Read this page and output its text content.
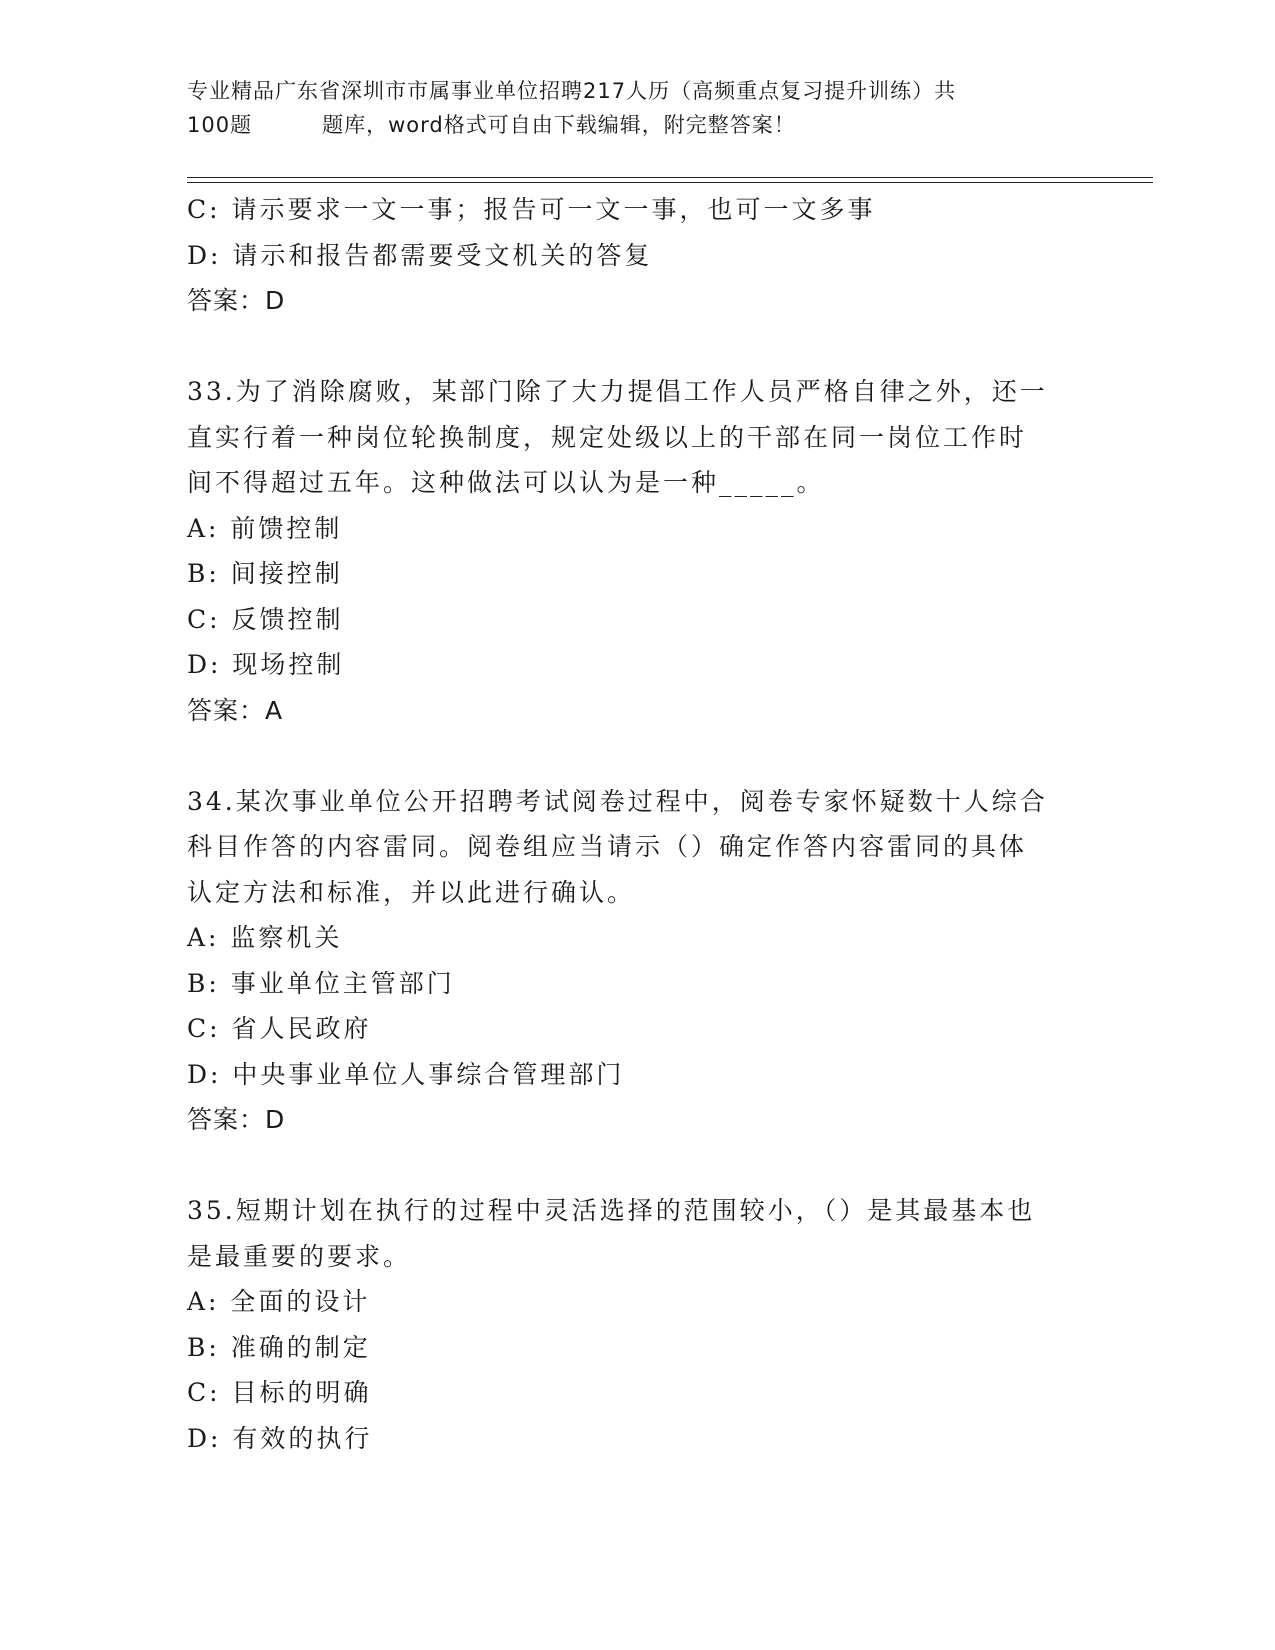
专业精品广东省深圳市市属事业单位招聘217人历（高频重点复习提升训练）共
100题	题库，word格式可自由下载编辑，附完整答案！
C: 请示要求一文一事；报告可一文一事，也可一文多事
D: 请示和报告都需要受文机关的答复
答案：D
33.为了消除腐败，某部门除了大力提倡工作人员严格自律之外，还一
直实行着一种岗位轮换制度，规定处级以上的干部在同一岗位工作时
间不得超过五年。这种做法可以认为是一种_____。
A: 前馈控制
B: 间接控制
C: 反馈控制
D: 现场控制
答案：A
34.某次事业单位公开招聘考试阅卷过程中，阅卷专家怀疑数十人综合
科目作答的内容雷同。阅卷组应当请示（）确定作答内容雷同的具体
认定方法和标准，并以此进行确认。
A: 监察机关
B: 事业单位主管部门
C: 省人民政府
D: 中央事业单位人事综合管理部门
答案：D
35.短期计划在执行的过程中灵活选择的范围较小，（）是其最基本也
是最重要的要求。
A: 全面的设计
B: 准确的制定
C: 目标的明确
D: 有效的执行
